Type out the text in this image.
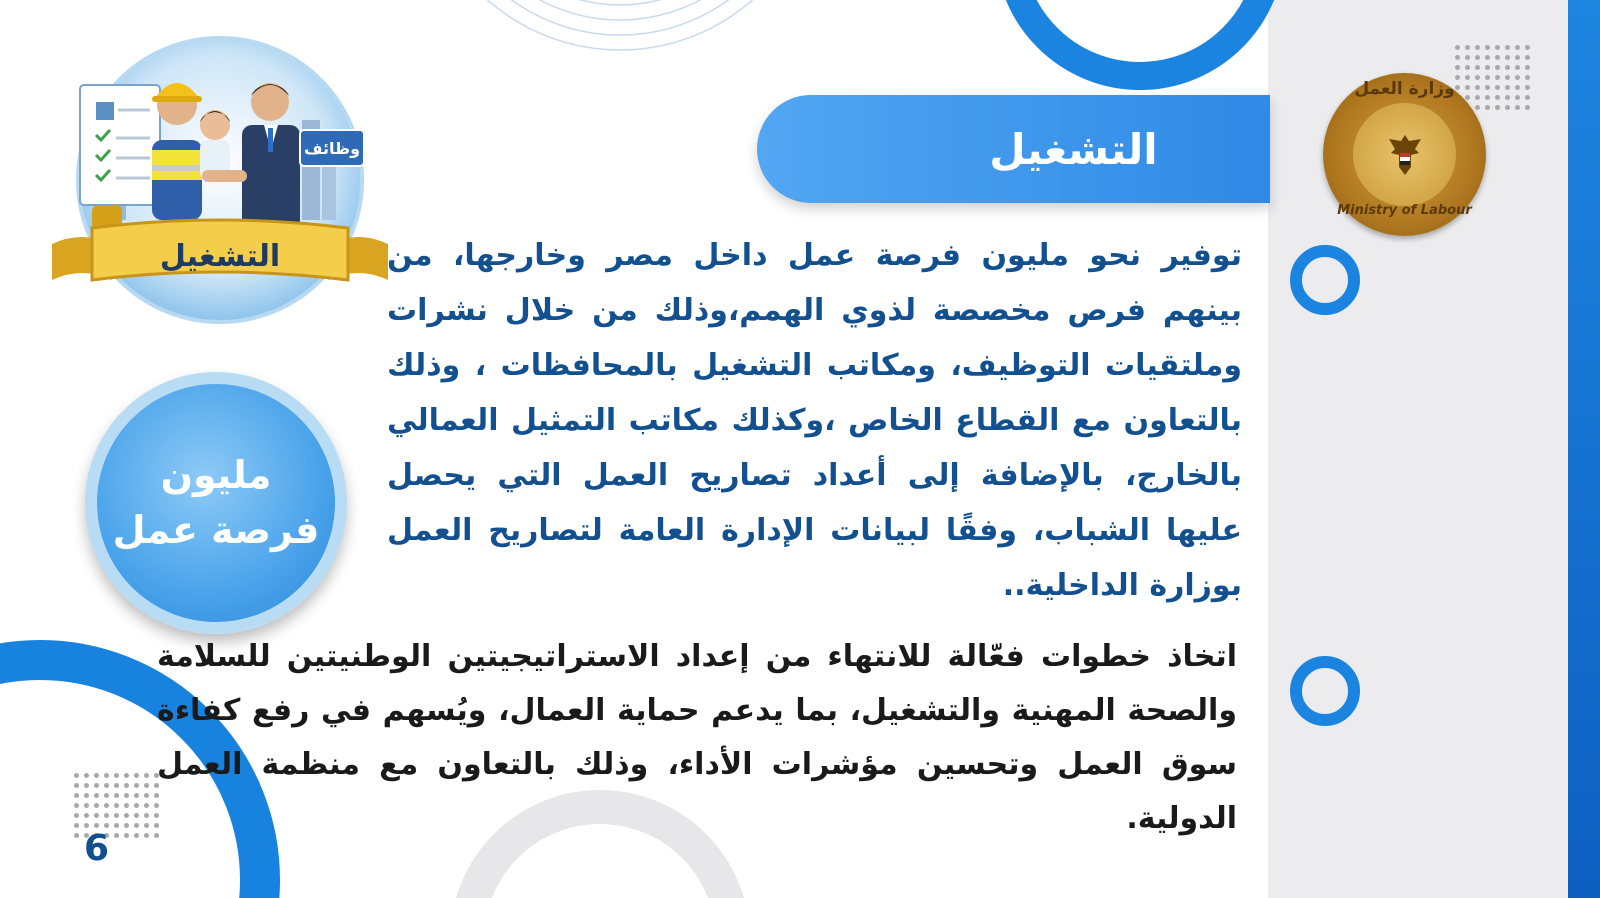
التشغيل
وزارة العمل
Ministry of Labour
وظائف
التشغيل
مليون
فرصة عمل
توفير نحو مليون فرصة عمل داخل مصر وخارجها، من بينهم فرص مخصصة لذوي الهمم،وذلك من خلال نشرات وملتقيات التوظيف، ومكاتب التشغيل بالمحافظات ، وذلك بالتعاون مع القطاع الخاص ،وكذلك مكاتب التمثيل العمالي بالخارج، بالإضافة إلى أعداد تصاريح العمل التي يحصل عليها الشباب، وفقًا لبيانات الإدارة العامة لتصاريح العمل بوزارة الداخلية..
اتخاذ خطوات فعّالة للانتهاء من إعداد الاستراتيجيتين الوطنيتين للسلامة والصحة المهنية والتشغيل، بما يدعم حماية العمال، ويُسهم في رفع كفاءة سوق العمل وتحسين مؤشرات الأداء، وذلك بالتعاون مع منظمة العمل الدولية.
6
